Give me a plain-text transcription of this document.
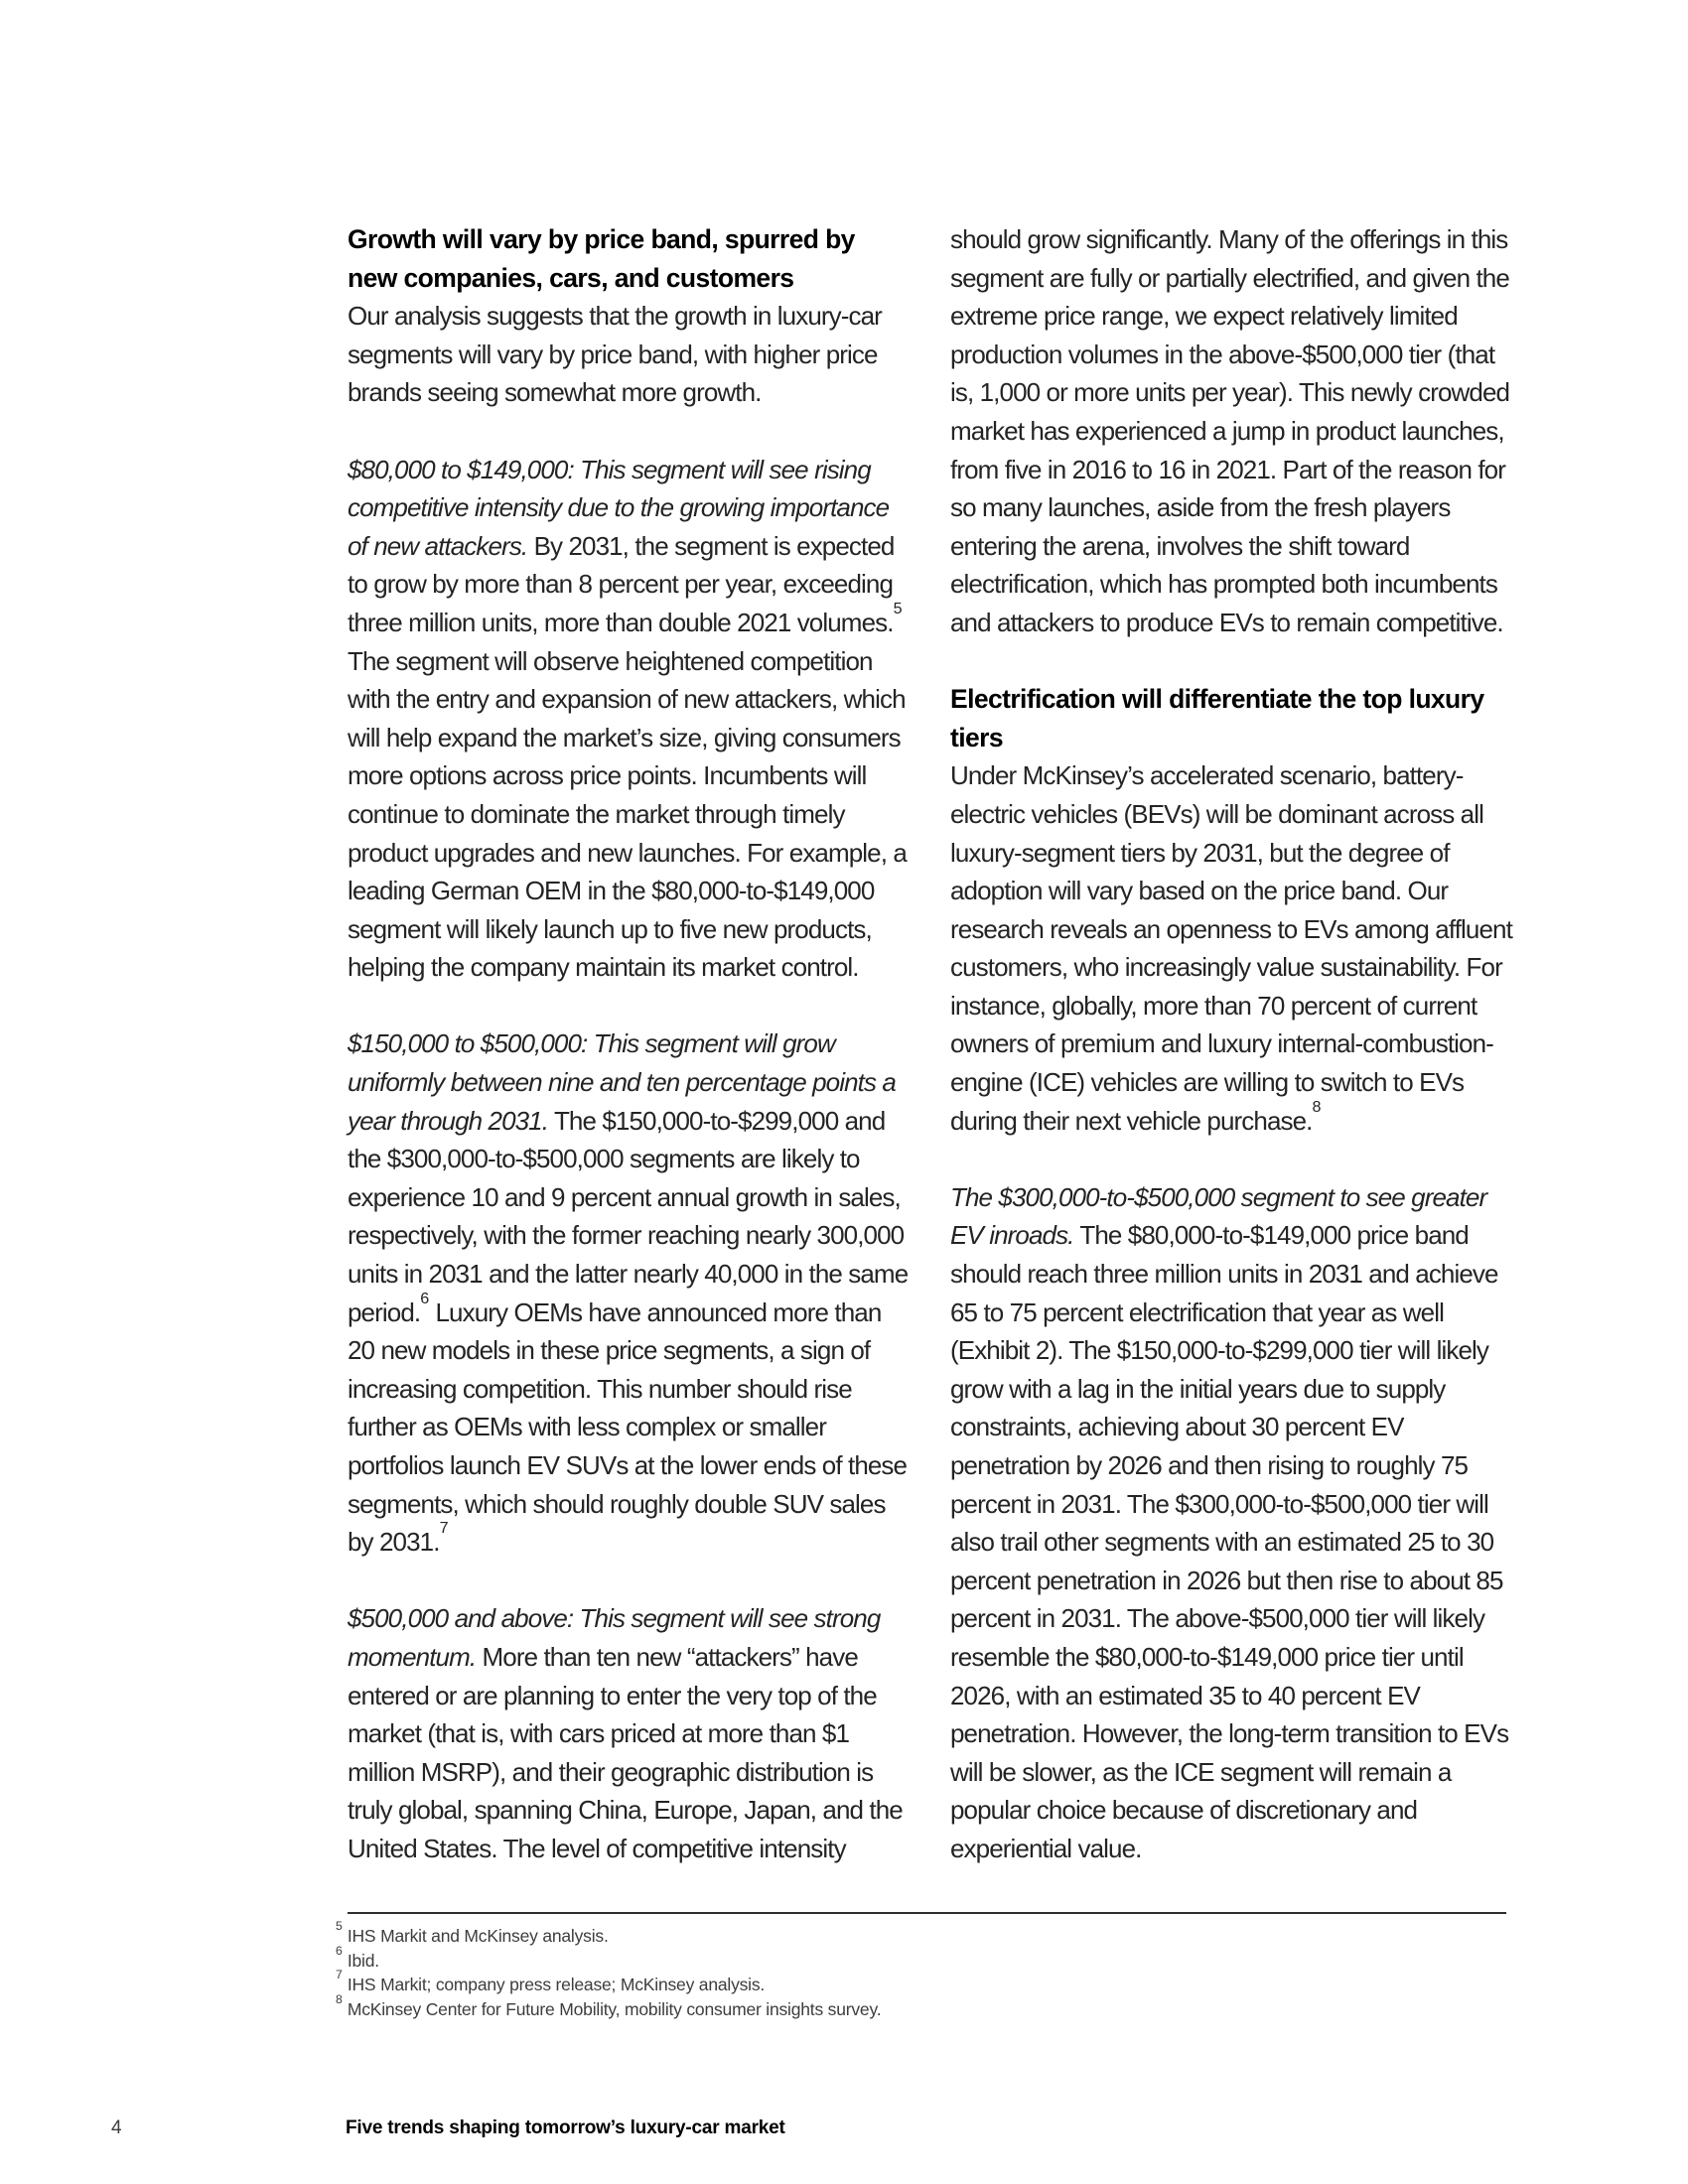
Growth will vary by price band, spurred by new companies, cars, and customers

Our analysis suggests that the growth in luxury-car segments will vary by price band, with higher price brands seeing somewhat more growth.

$80,000 to $149,000: This segment will see rising competitive intensity due to the growing importance of new attackers. By 2031, the segment is expected to grow by more than 8 percent per year, exceeding three million units, more than double 2021 volumes.$^5$ The segment will observe heightened competition with the entry and expansion of new attackers, which will help expand the market’s size, giving consumers more options across price points. Incumbents will continue to dominate the market through timely product upgrades and new launches. For example, a leading German OEM in the $80,000-to-$149,000 segment will likely launch up to five new products, helping the company maintain its market control.

$150,000 to $500,000: This segment will grow uniformly between nine and ten percentage points a year through 2031. The $150,000-to-$299,000 and the $300,000-to-$500,000 segments are likely to experience 10 and 9 percent annual growth in sales, respectively, with the former reaching nearly 300,000 units in 2031 and the latter nearly 40,000 in the same period.$^6$ Luxury OEMs have announced more than 20 new models in these price segments, a sign of increasing competition. This number should rise further as OEMs with less complex or smaller portfolios launch EV SUVs at the lower ends of these segments, which should roughly double SUV sales by 2031.$^7$

$500,000 and above: This segment will see strong momentum. More than ten new “attackers” have entered or are planning to enter the very top of the market (that is, with cars priced at more than $1 million MSRP), and their geographic distribution is truly global, spanning China, Europe, Japan, and the United States. The level of competitive intensity

should grow significantly. Many of the offerings in this segment are fully or partially electrified, and given the extreme price range, we expect relatively limited production volumes in the above-$500,000 tier (that is, 1,000 or more units per year). This newly crowded market has experienced a jump in product launches, from five in 2016 to 16 in 2021. Part of the reason for so many launches, aside from the fresh players entering the arena, involves the shift toward electrification, which has prompted both incumbents and attackers to produce EVs to remain competitive.

Electrification will differentiate the top luxury tiers

Under McKinsey’s accelerated scenario, battery-electric vehicles (BEVs) will be dominant across all luxury-segment tiers by 2031, but the degree of adoption will vary based on the price band. Our research reveals an openness to EVs among affluent customers, who increasingly value sustainability. For instance, globally, more than 70 percent of current owners of premium and luxury internal-combustion-engine (ICE) vehicles are willing to switch to EVs during their next vehicle purchase.$^8$

The $300,000-to-$500,000 segment to see greater EV inroads. The $80,000-to-$149,000 price band should reach three million units in 2031 and achieve 65 to 75 percent electrification that year as well (Exhibit 2). The $150,000-to-$299,000 tier will likely grow with a lag in the initial years due to supply constraints, achieving about 30 percent EV penetration by 2026 and then rising to roughly 75 percent in 2031. The $300,000-to-$500,000 tier will also trail other segments with an estimated 25 to 30 percent penetration in 2026 but then rise to about 85 percent in 2031. The above-$500,000 tier will likely resemble the $80,000-to-$149,000 price tier until 2026, with an estimated 35 to 40 percent EV penetration. However, the long-term transition to EVs will be slower, as the ICE segment will remain a popular choice because of discretionary and experiential value.

$^5$ IHS Markit and McKinsey analysis.
$^6$ Ibid.
$^7$ IHS Markit; company press release; McKinsey analysis.
$^8$ McKinsey Center for Future Mobility, mobility consumer insights survey.
4	Five trends shaping tomorrow’s luxury-car market
